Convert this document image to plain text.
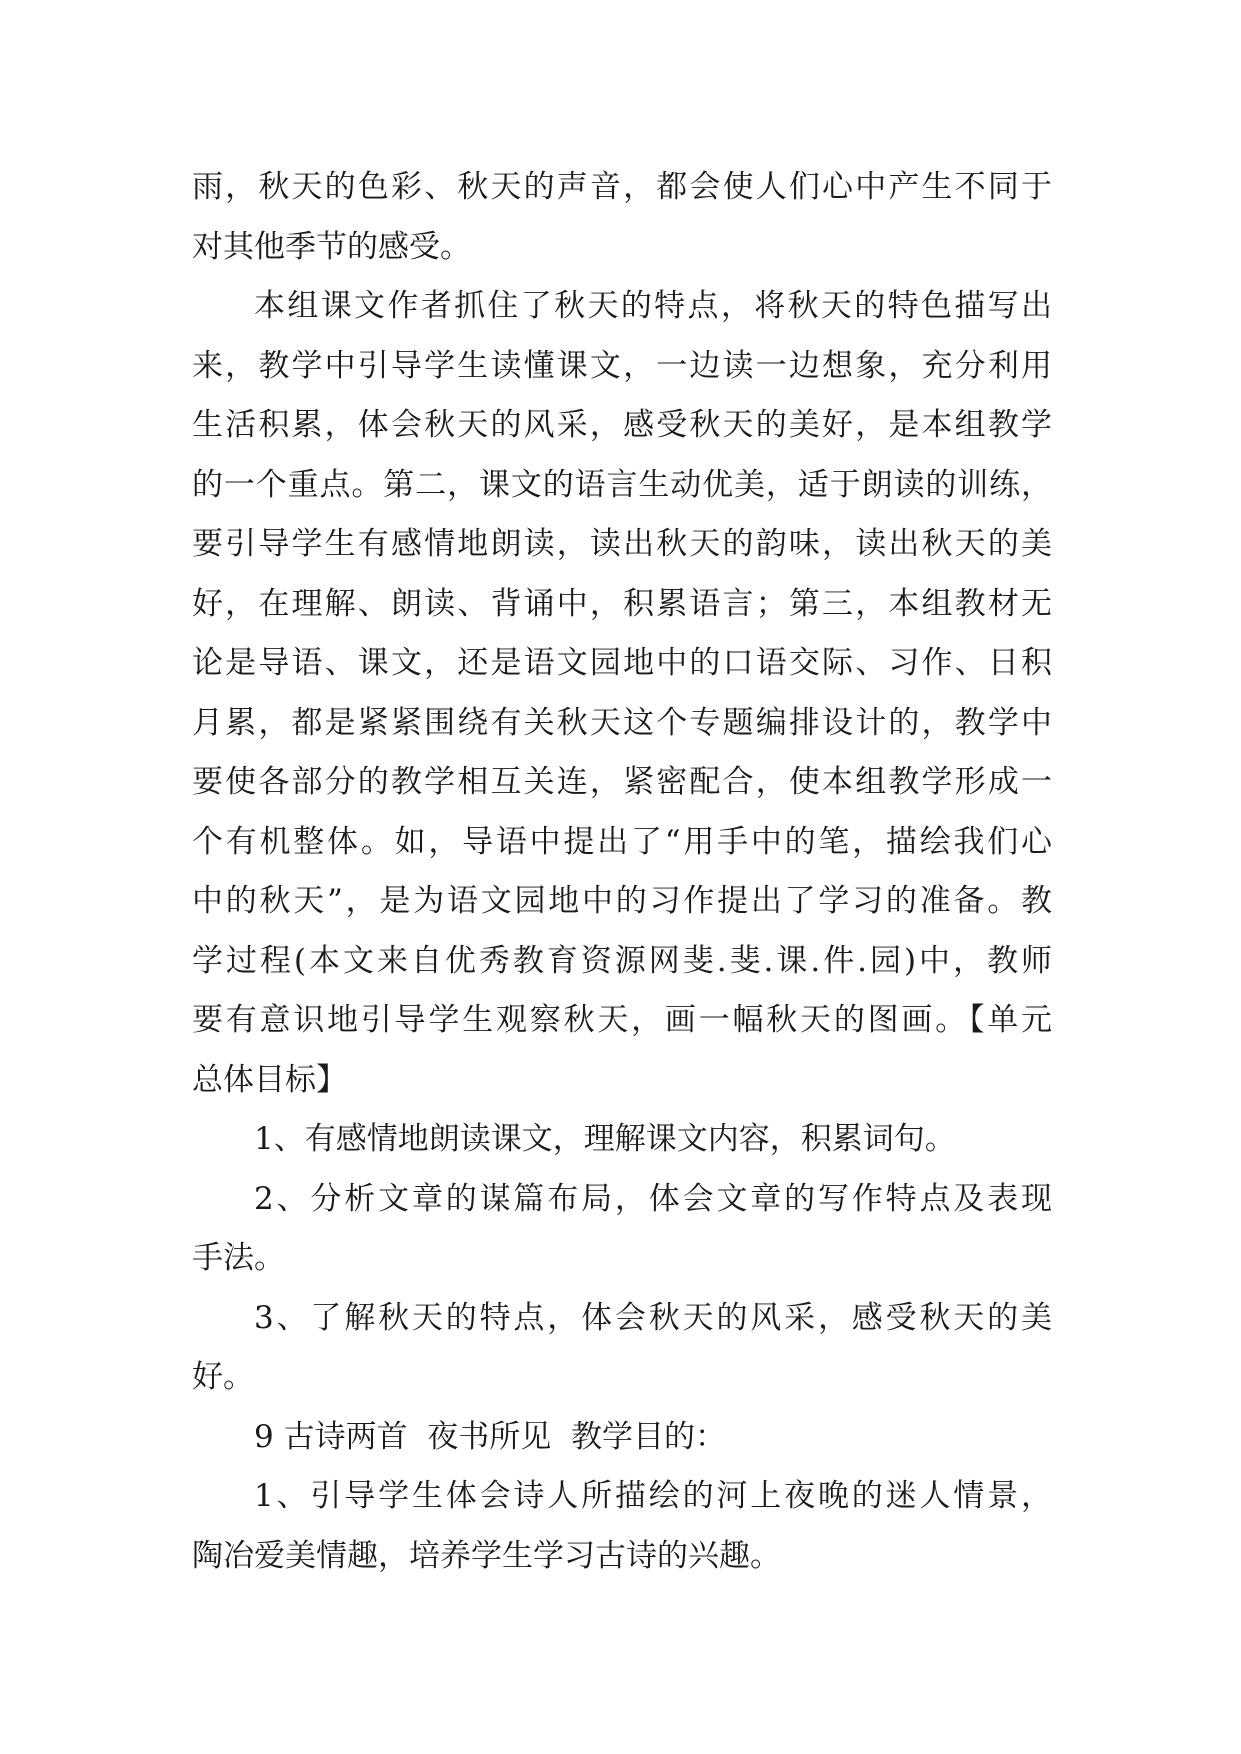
雨，秋天的色彩、秋天的声音，都会使人们心中产生不同于
对其他季节的感受。
本组课文作者抓住了秋天的特点，将秋天的特色描写出
来，教学中引导学生读懂课文，一边读一边想象，充分利用
生活积累，体会秋天的风采，感受秋天的美好，是本组教学
的一个重点。第二，课文的语言生动优美，适于朗读的训练，
要引导学生有感情地朗读，读出秋天的韵味，读出秋天的美
好，在理解、朗读、背诵中，积累语言；第三，本组教材无
论是导语、课文，还是语文园地中的口语交际、习作、日积
月累，都是紧紧围绕有关秋天这个专题编排设计的，教学中
要使各部分的教学相互关连，紧密配合，使本组教学形成一
个有机整体。如，导语中提出了“用手中的笔，描绘我们心
中的秋天”，是为语文园地中的习作提出了学习的准备。教
学过程(本文来自优秀教育资源网斐.斐.课.件.园)中，教师
要有意识地引导学生观察秋天，画一幅秋天的图画。【单元
总体目标】
1、有感情地朗读课文，理解课文内容，积累词句。
2、分析文章的谋篇布局，体会文章的写作特点及表现
手法。
3、了解秋天的特点，体会秋天的风采，感受秋天的美
好。
9 古诗两首  夜书所见  教学目的：
1、引导学生体会诗人所描绘的河上夜晚的迷人情景，
陶冶爱美情趣，培养学生学习古诗的兴趣。
